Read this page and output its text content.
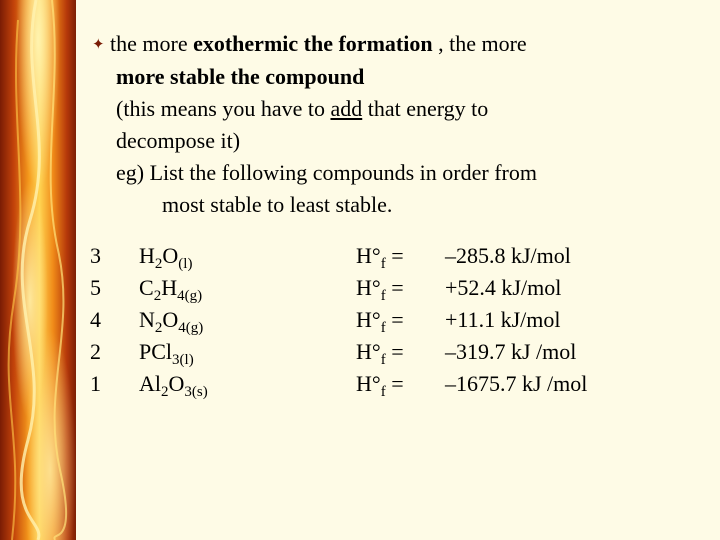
✦ the more exothermic the formation , the more
more stable the compound
(this means you have to add that energy to
decompose it)
eg) List the following compounds in order from
most stable to least stable.
3 $H_2O_{(l)}$	$H^\circ_f = -285.8$ kJ/mol
5 $C_2H_{4(g)}$	$H^\circ_f = +52.4$ kJ/mol
4 $N_2O_{4(g)}$	$H^\circ_f = +11.1$ kJ/mol
2 PCl$_{3(l)}$	$H^\circ_f = -319.7$ kJ /mol
1 $Al_2O_{3(s)}$	$H^\circ_f = -1675.7$ kJ /mol
